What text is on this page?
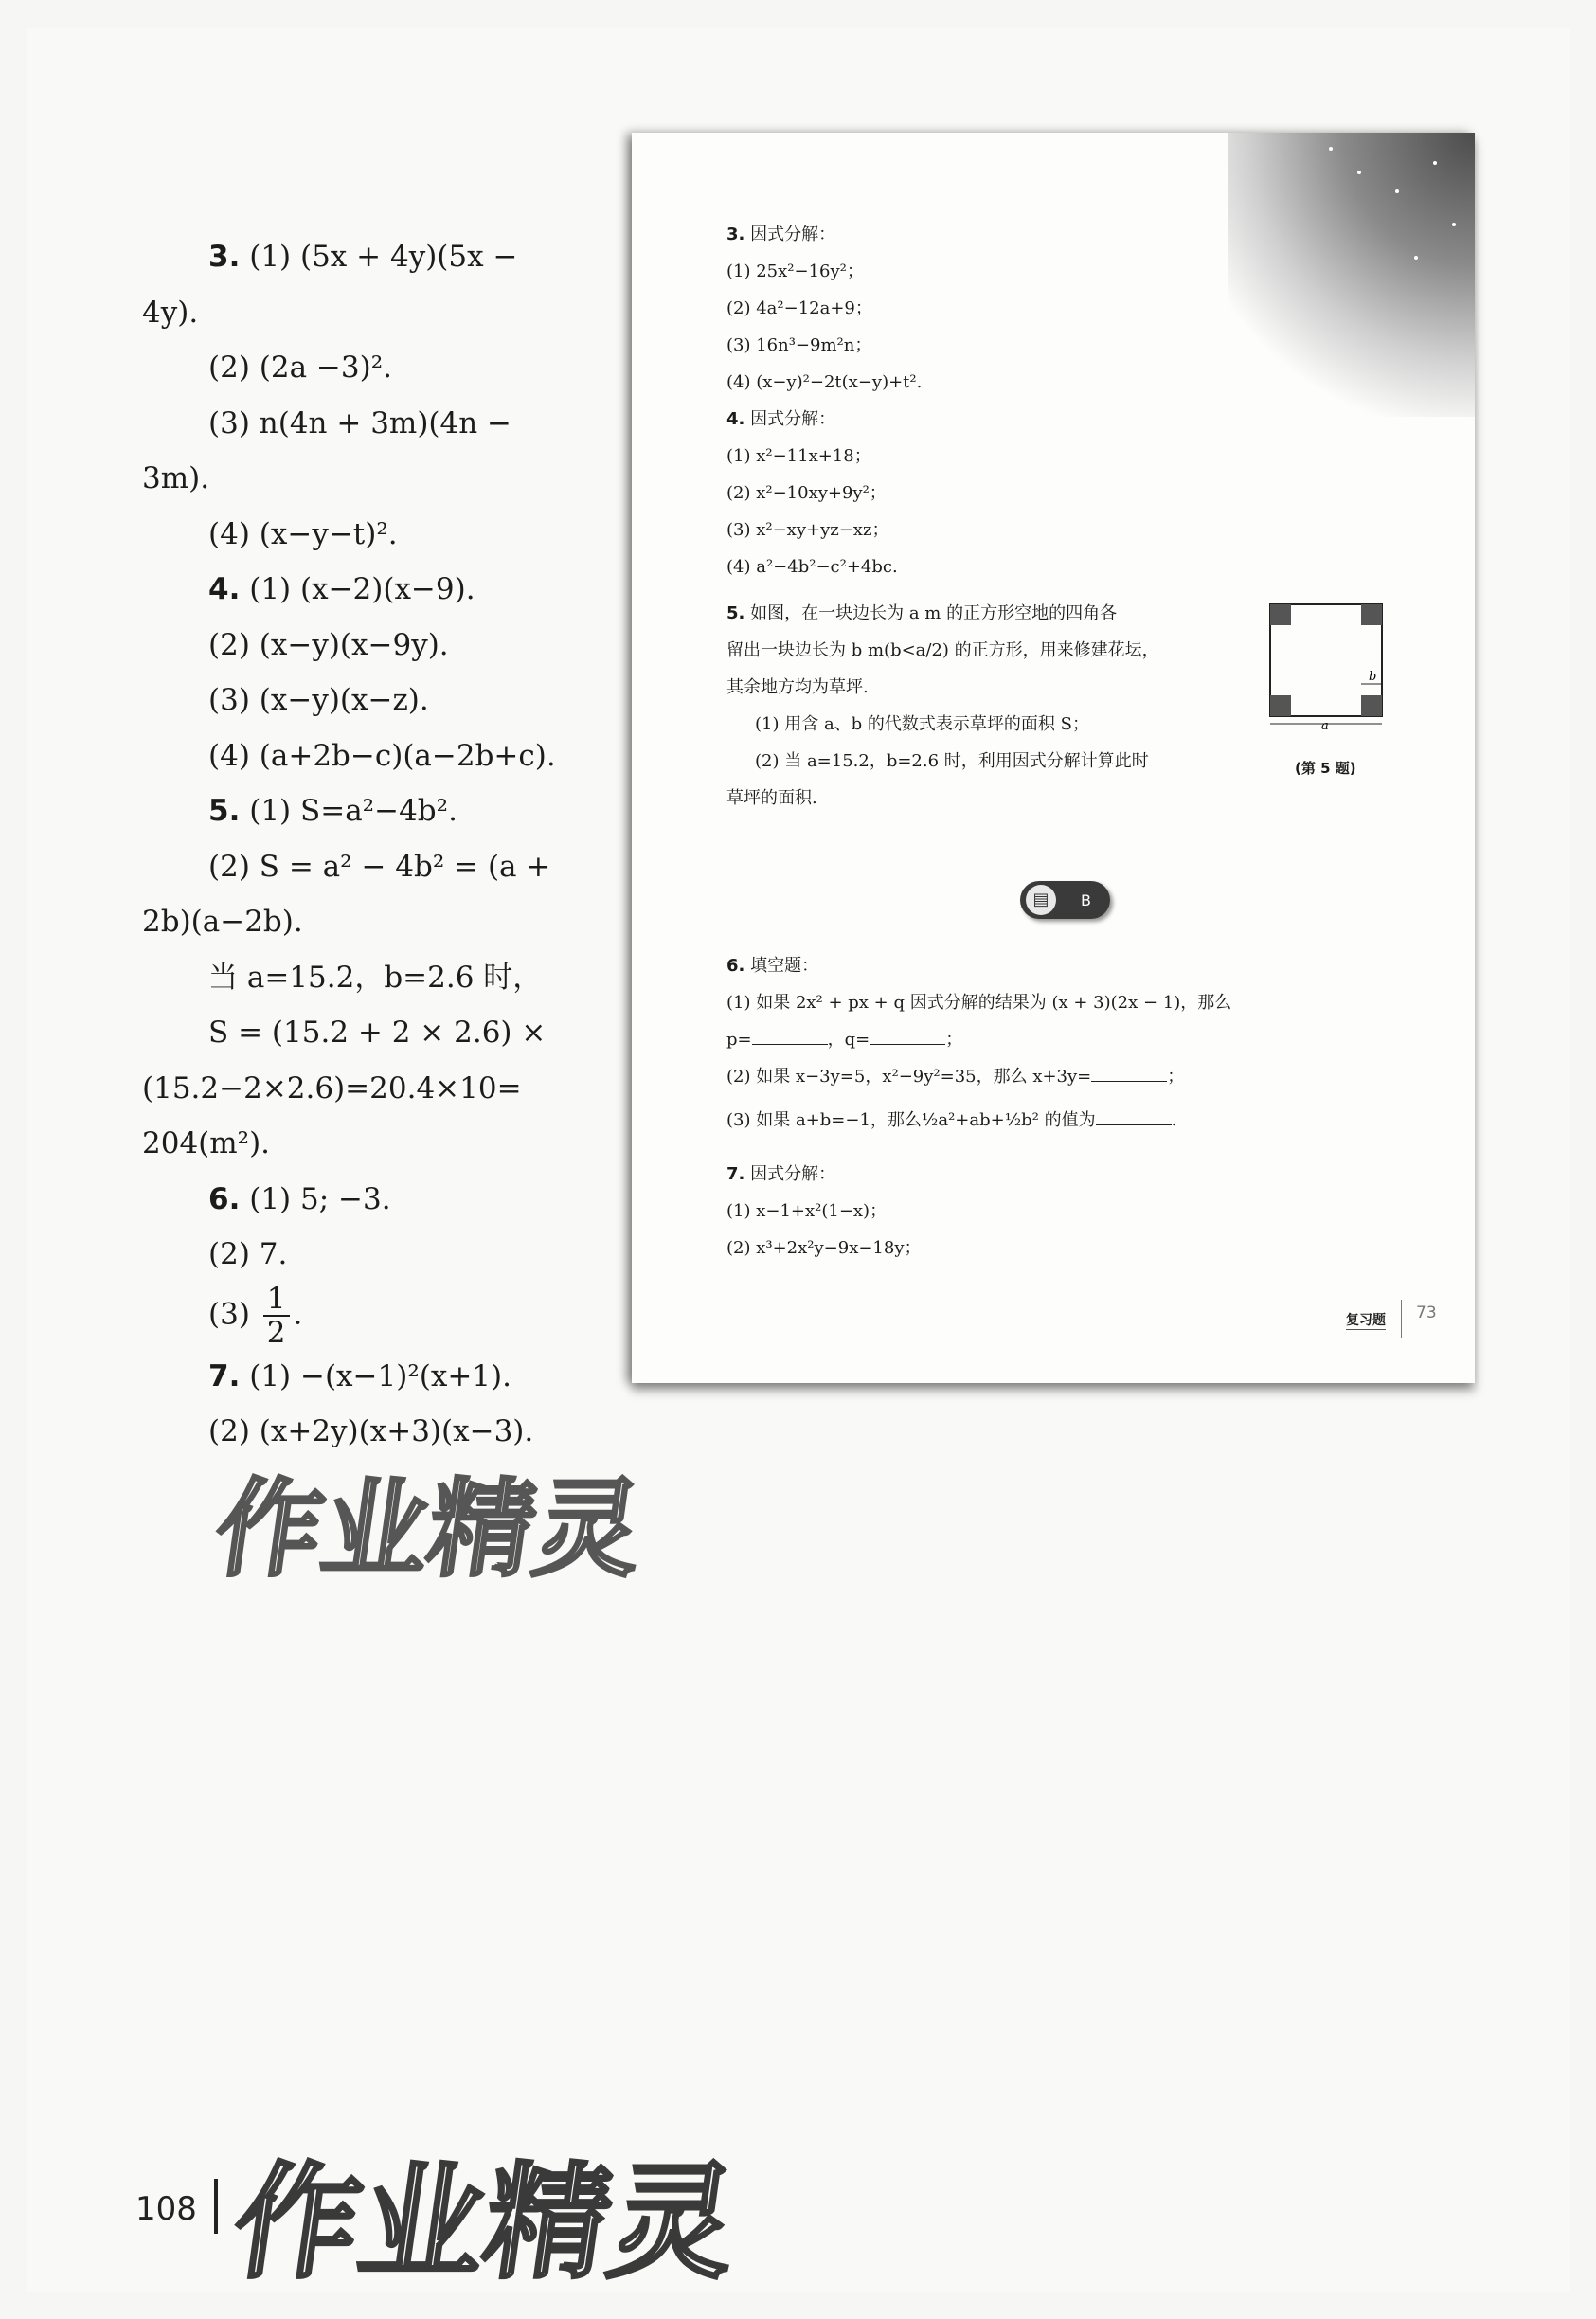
3. (1) (5x + 4y)(5x −
4y).
(2) (2a −3)².
(3) n(4n + 3m)(4n −
3m).
(4) (x−y−t)².
4. (1) (x−2)(x−9).
(2) (x−y)(x−9y).
(3) (x−y)(x−z).
(4) (a+2b−c)(a−2b+c).
5. (1) S=a²−4b².
(2) S = a² − 4b² = (a +
2b)(a−2b).
当 a=15.2，b=2.6 时，
S = (15.2 + 2 × 2.6) ×
(15.2−2×2.6)=20.4×10=
204(m²).
6. (1) 5; −3.
(2) 7.
$(3) \frac{1}{2}$ .
7. (1) −(x−1)²(x+1).
(2) (x+2y)(x+3)(x−3).
3. 因式分解：
(1) 25x²−16y²；
(2) 4a²−12a+9；
(3) 16n³−9m²n；
(4) (x−y)²−2t(x−y)+t².
4. 因式分解：
(1) x²−11x+18；
(2) x²−10xy+9y²；
(3) x²−xy+yz−xz；
(4) a²−4b²−c²+4bc.
5. 如图，在一块边长为 a m 的正方形空地的四角各
留出一块边长为 b m(b<a/2) 的正方形，用来修建花坛，
其余地方均为草坪.
(1) 用含 a、b 的代数式表示草坪的面积 S；
(2) 当 a=15.2，b=2.6 时，利用因式分解计算此时
草坪的面积.
a
b
(第 5 题)
▤	B
6. 填空题：
(1) 如果 2x² + px + q 因式分解的结果为 (x + 3)(2x − 1)，那么
p=	，q=	；
(2) 如果 x−3y=5，x²−9y²=35，那么 x+3y=	；
(3) 如果 a+b=−1，那么½a²+ab+½b² 的值为	.
7. 因式分解：
(1) x−1+x²(1−x)；
(2) x³+2x²y−9x−18y；
复习题 73
作业精灵
作业精灵
108
